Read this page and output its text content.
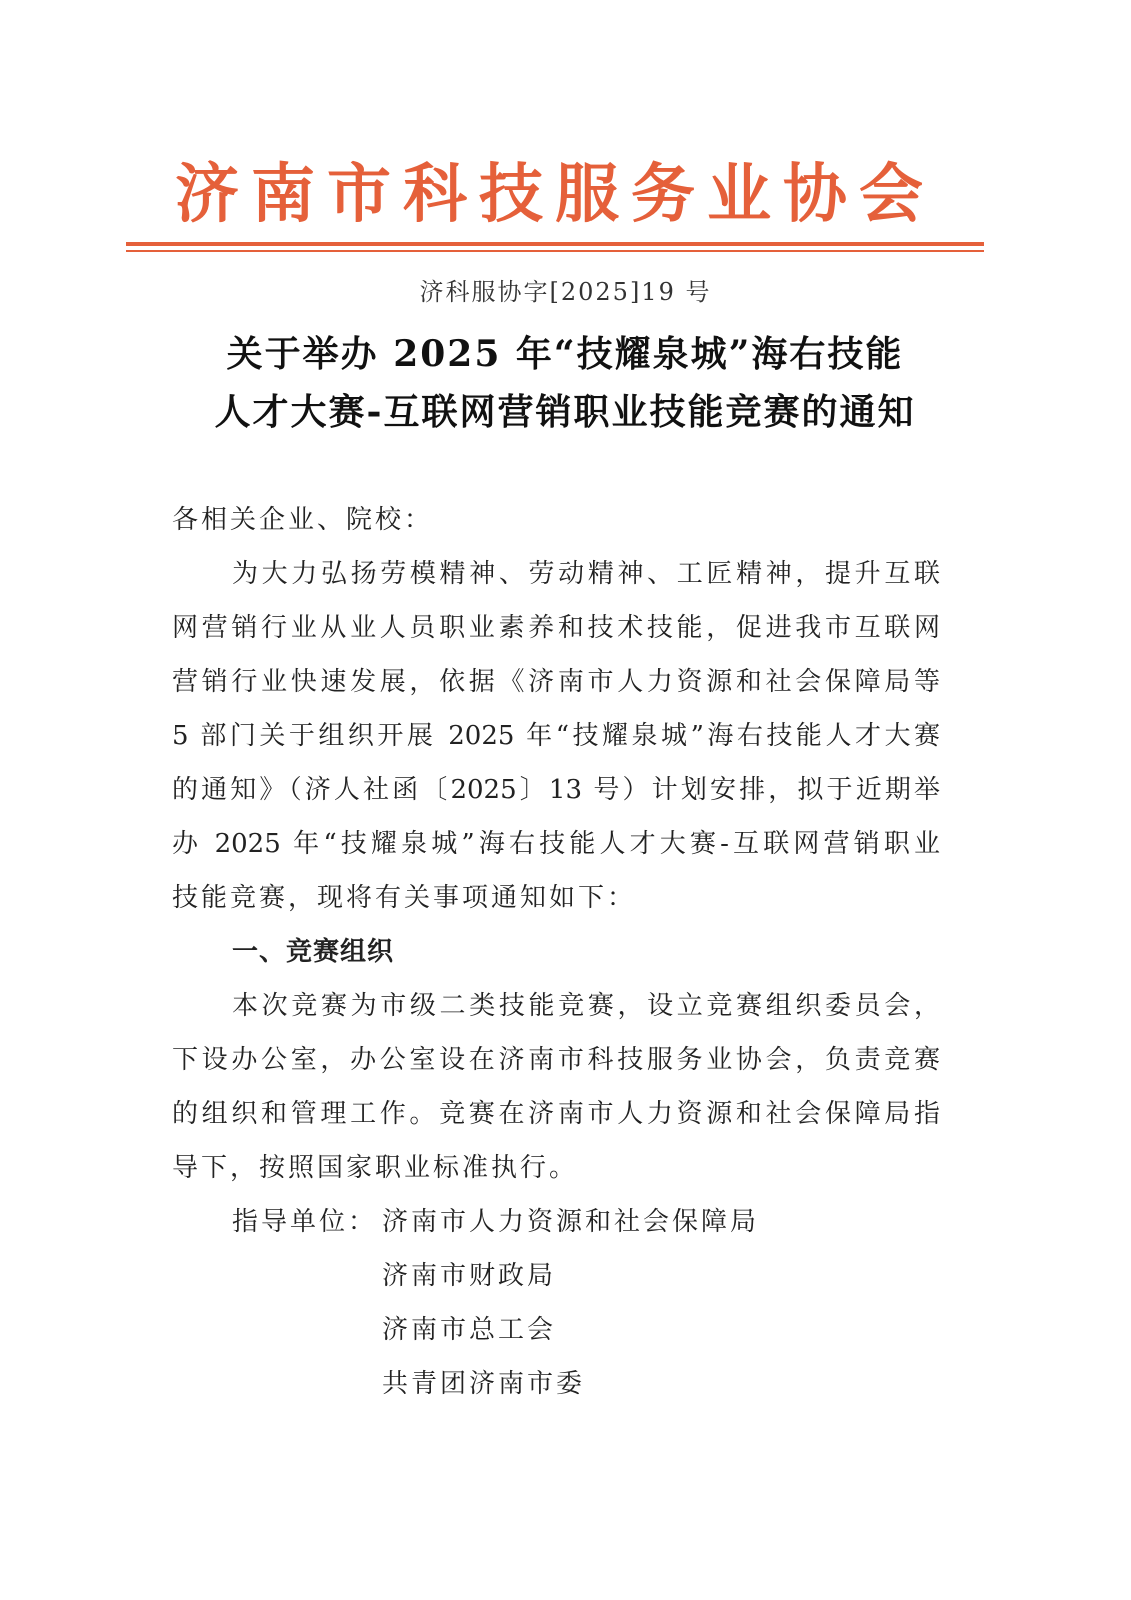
济南市科技服务业协会
济科服协字[2025]19 号
关于举办 2025 年“技耀泉城”海右技能
人才大赛-互联网营销职业技能竞赛的通知
各相关企业、院校：
为大力弘扬劳模精神、劳动精神、工匠精神，提升互联
网营销行业从业人员职业素养和技术技能，促进我市互联网
营销行业快速发展，依据《济南市人力资源和社会保障局等
5 部门关于组织开展 2025 年“技耀泉城”海右技能人才大赛
的通知》（济人社函〔2025〕13 号）计划安排，拟于近期举
办 2025 年“技耀泉城”海右技能人才大赛-互联网营销职业
技能竞赛，现将有关事项通知如下：
一、竞赛组织
本次竞赛为市级二类技能竞赛，设立竞赛组织委员会，
下设办公室，办公室设在济南市科技服务业协会，负责竞赛
的组织和管理工作。竞赛在济南市人力资源和社会保障局指
导下，按照国家职业标准执行。
指导单位： 济南市人力资源和社会保障局
济南市财政局
济南市总工会
共青团济南市委
